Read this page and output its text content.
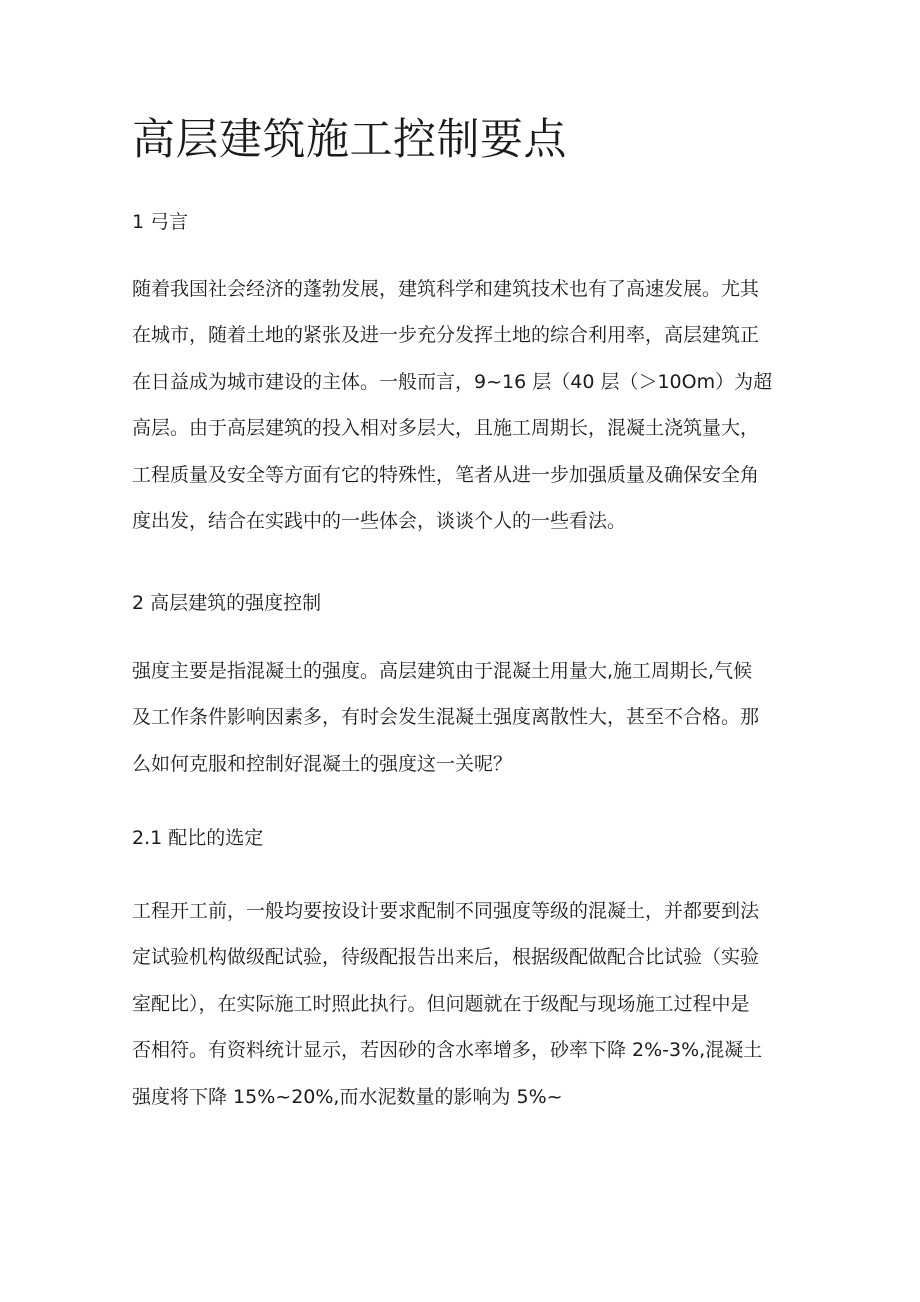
高层建筑施工控制要点
1 弓言

随着我国社会经济的蓬勃发展，建筑科学和建筑技术也有了高速发展。尤其
在城市，随着土地的紧张及进一步充分发挥土地的综合利用率，高层建筑正
在日益成为城市建设的主体。一般而言，9~16 层（40 层（＞10Om）为超
高层。由于高层建筑的投入相对多层大，且施工周期长，混凝土浇筑量大，
工程质量及安全等方面有它的特殊性，笔者从进一步加强质量及确保安全角
度出发，结合在实践中的一些体会，谈谈个人的一些看法。

2 高层建筑的强度控制

强度主要是指混凝土的强度。高层建筑由于混凝土用量大,施工周期长,气候
及工作条件影响因素多，有时会发生混凝土强度离散性大，甚至不合格。那
么如何克服和控制好混凝土的强度这一关呢？

2.1 配比的选定

工程开工前，一般均要按设计要求配制不同强度等级的混凝土，并都要到法
定试验机构做级配试验，待级配报告出来后，根据级配做配合比试验（实验
室配比），在实际施工时照此执行。但问题就在于级配与现场施工过程中是
否相符。有资料统计显示，若因砂的含水率增多，砂率下降 2%-3%,混凝土
强度将下降 15%~20%,而水泥数量的影响为 5%~
